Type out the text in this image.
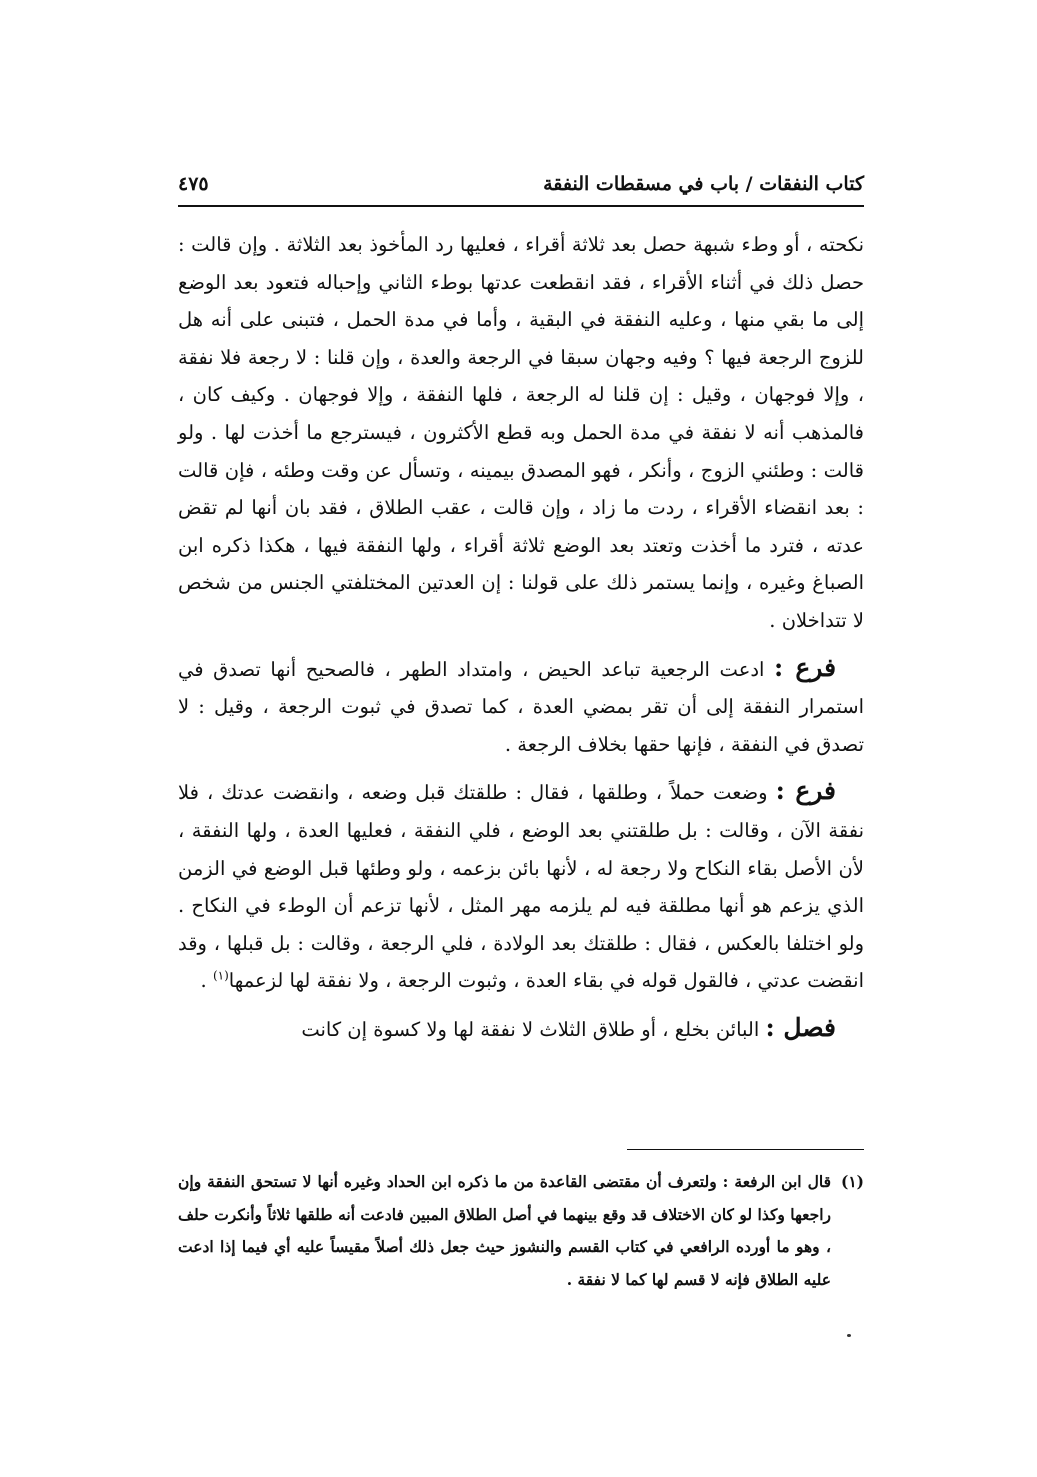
كتاب النفقات / باب في مسقطات النفقة
٤٧٥

نكحته ، أو وطء شبهة حصل بعد ثلاثة أقراء ، فعليها رد المأخوذ بعد الثلاثة . وإن قالت : حصل ذلك في أثناء الأقراء ، فقد انقطعت عدتها بوطء الثاني وإحباله فتعود بعد الوضع إلى ما بقي منها ، وعليه النفقة في البقية ، وأما في مدة الحمل ، فتبنى على أنه هل للزوج الرجعة فيها ؟ وفيه وجهان سبقا في الرجعة والعدة ، وإن قلنا : لا رجعة فلا نفقة ، وإلا فوجهان ، وقيل : إن قلنا له الرجعة ، فلها النفقة ، وإلا فوجهان . وكيف كان ، فالمذهب أنه لا نفقة في مدة الحمل وبه قطع الأكثرون ، فيسترجع ما أخذت لها . ولو قالت : وطئني الزوج ، وأنكر ، فهو المصدق بيمينه ، وتسأل عن وقت وطئه ، فإن قالت : بعد انقضاء الأقراء ، ردت ما زاد ، وإن قالت ، عقب الطلاق ، فقد بان أنها لم تقض عدته ، فترد ما أخذت وتعتد بعد الوضع ثلاثة أقراء ، ولها النفقة فيها ، هكذا ذكره ابن الصباغ وغيره ، وإنما يستمر ذلك على قولنا : إن العدتين المختلفتي الجنس من شخص لا تتداخلان .

فرع : ادعت الرجعية تباعد الحيض ، وامتداد الطهر ، فالصحيح أنها تصدق في استمرار النفقة إلى أن تقر بمضي العدة ، كما تصدق في ثبوت الرجعة ، وقيل : لا تصدق في النفقة ، فإنها حقها بخلاف الرجعة .

فرع : وضعت حملاً ، وطلقها ، فقال : طلقتك قبل وضعه ، وانقضت عدتك ، فلا نفقة الآن ، وقالت : بل طلقتني بعد الوضع ، فلي النفقة ، فعليها العدة ، ولها النفقة ، لأن الأصل بقاء النكاح ولا رجعة له ، لأنها بائن بزعمه ، ولو وطئها قبل الوضع في الزمن الذي يزعم هو أنها مطلقة فيه لم يلزمه مهر المثل ، لأنها تزعم أن الوطء في النكاح . ولو اختلفا بالعكس ، فقال : طلقتك بعد الولادة ، فلي الرجعة ، وقالت : بل قبلها ، وقد انقضت عدتي ، فالقول قوله في بقاء العدة ، وثبوت الرجعة ، ولا نفقة لها لزعمها$^{(١)}$ .

فصل : البائن بخلع ، أو طلاق الثلاث لا نفقة لها ولا كسوة إن كانت

(١)
قال ابن الرفعة : ولتعرف أن مقتضى القاعدة من ما ذكره ابن الحداد وغيره أنها لا تستحق النفقة وإن راجعها وكذا لو كان الاختلاف قد وقع بينهما في أصل الطلاق المبين فادعت أنه طلقها ثلاثاً وأنكرت حلف ، وهو ما أورده الرافعي في كتاب القسم والنشوز حيث جعل ذلك أصلاً مقيساً عليه أي فيما إذا ادعت عليه الطلاق فإنه لا قسم لها كما لا نفقة .
